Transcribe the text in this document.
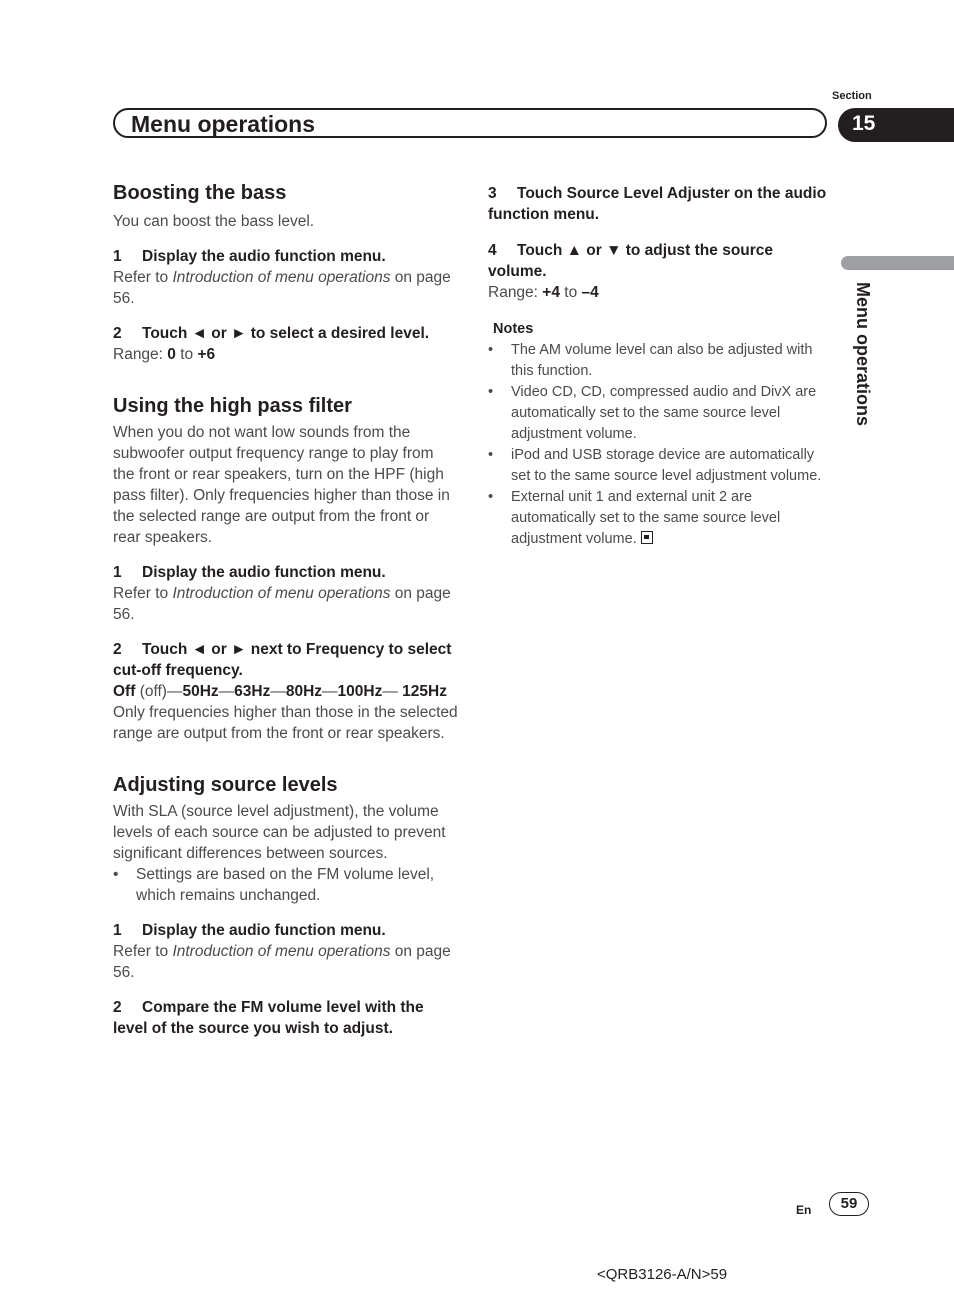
Section
Menu operations	15
Menu operations
Boosting the bass

You can boost the bass level.

1 Display the audio function menu.

Refer to Introduction of menu operations on page 56.

2 Touch ◄ or ► to select a desired level.

Range: 0 to +6

Using the high pass filter

When you do not want low sounds from the subwoofer output frequency range to play from the front or rear speakers, turn on the HPF (high pass filter). Only frequencies higher than those in the selected range are output from the front or rear speakers.

1 Display the audio function menu.

Refer to Introduction of menu operations on page 56.

2 Touch ◄ or ► next to Frequency to select cut-off frequency.

Off (off)—50Hz—63Hz—80Hz—100Hz— 125Hz

Only frequencies higher than those in the selected range are output from the front or rear speakers.

Adjusting source levels

With SLA (source level adjustment), the volume levels of each source can be adjusted to prevent significant differences between sources.

• Settings are based on the FM volume level, which remains unchanged.

1 Display the audio function menu.

Refer to Introduction of menu operations on page 56.

2 Compare the FM volume level with the level of the source you wish to adjust.

3 Touch Source Level Adjuster on the audio function menu.

4 Touch ▲ or ▼ to adjust the source volume.

Range: +4 to –4

Notes

• The AM volume level can also be adjusted with this function.
• Video CD, CD, compressed audio and DivX are automatically set to the same source level adjustment volume.
• iPod and USB storage device are automatically set to the same source level adjustment volume.
• External unit 1 and external unit 2 are automatically set to the same source level adjustment volume.
En	59
<QRB3126-A/N>59
